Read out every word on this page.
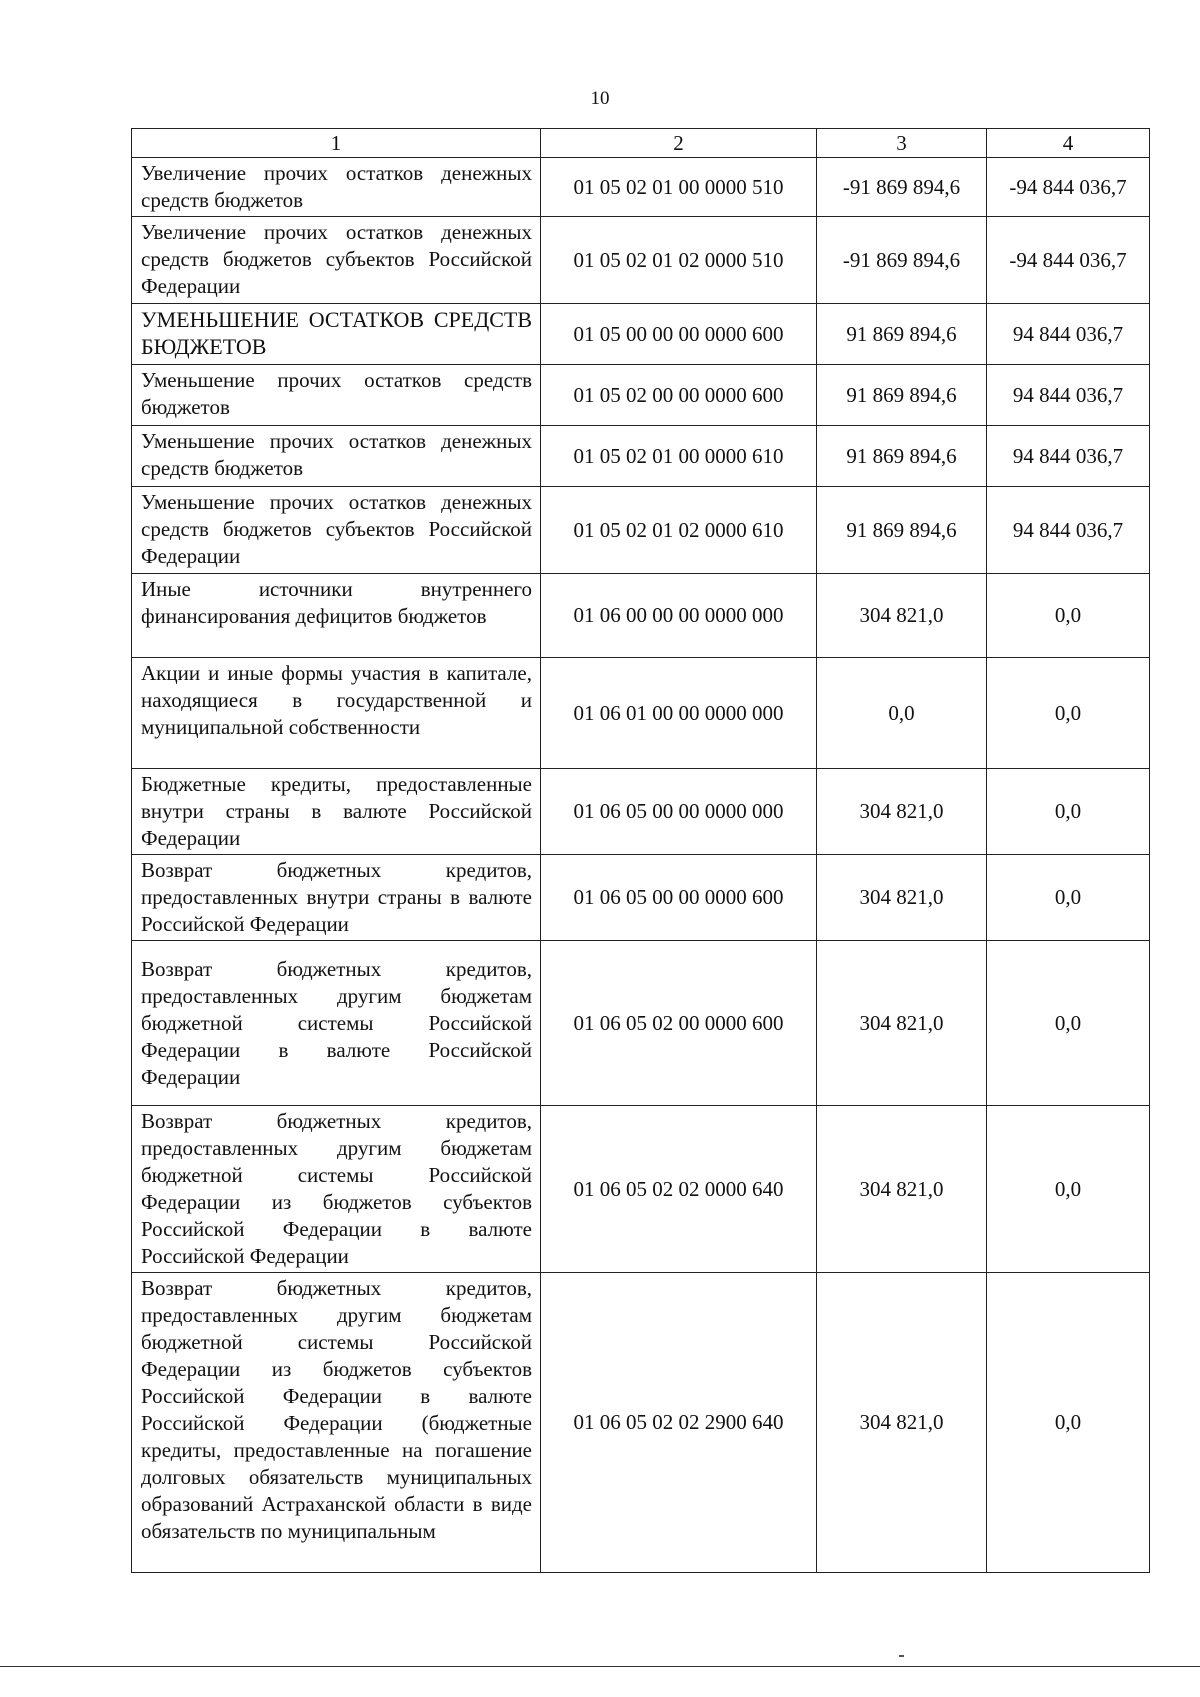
10
1	2	3	4
Увеличение прочих остатков денежных средств бюджетов	01 05 02 01 00 0000 510	-91 869 894,6	-94 844 036,7
Увеличение прочих остатков денежных средств бюджетов субъектов Российской Федерации	01 05 02 01 02 0000 510	-91 869 894,6	-94 844 036,7
УМЕНЬШЕНИЕ ОСТАТКОВ СРЕДСТВ БЮДЖЕТОВ	01 05 00 00 00 0000 600	91 869 894,6	94 844 036,7
Уменьшение прочих остатков средств бюджетов	01 05 02 00 00 0000 600	91 869 894,6	94 844 036,7
Уменьшение прочих остатков денежных средств бюджетов	01 05 02 01 00 0000 610	91 869 894,6	94 844 036,7
Уменьшение прочих остатков денежных средств бюджетов субъектов Российской Федерации	01 05 02 01 02 0000 610	91 869 894,6	94 844 036,7
Иные источники внутреннего финансирования дефицитов бюджетов	01 06 00 00 00 0000 000	304 821,0	0,0
Акции и иные формы участия в капитале, находящиеся в государственной и муниципальной собственности	01 06 01 00 00 0000 000	0,0	0,0
Бюджетные кредиты, предоставленные внутри страны в валюте Российской Федерации	01 06 05 00 00 0000 000	304 821,0	0,0
Возврат бюджетных кредитов, предоставленных внутри страны в валюте Российской Федерации	01 06 05 00 00 0000 600	304 821,0	0,0
Возврат бюджетных кредитов, предоставленных другим бюджетам бюджетной системы Российской Федерации в валюте Российской Федерации	01 06 05 02 00 0000 600	304 821,0	0,0
Возврат бюджетных кредитов, предоставленных другим бюджетам бюджетной системы Российской Федерации из бюджетов субъектов Российской Федерации в валюте Российской Федерации	01 06 05 02 02 0000 640	304 821,0	0,0
Возврат бюджетных кредитов, предоставленных другим бюджетам бюджетной системы Российской Федерации из бюджетов субъектов Российской Федерации в валюте Российской Федерации (бюджетные кредиты, предоставленные на погашение долговых обязательств муниципальных образований Астраханской области в виде обязательств по муниципальным	01 06 05 02 02 2900 640	304 821,0	0,0
